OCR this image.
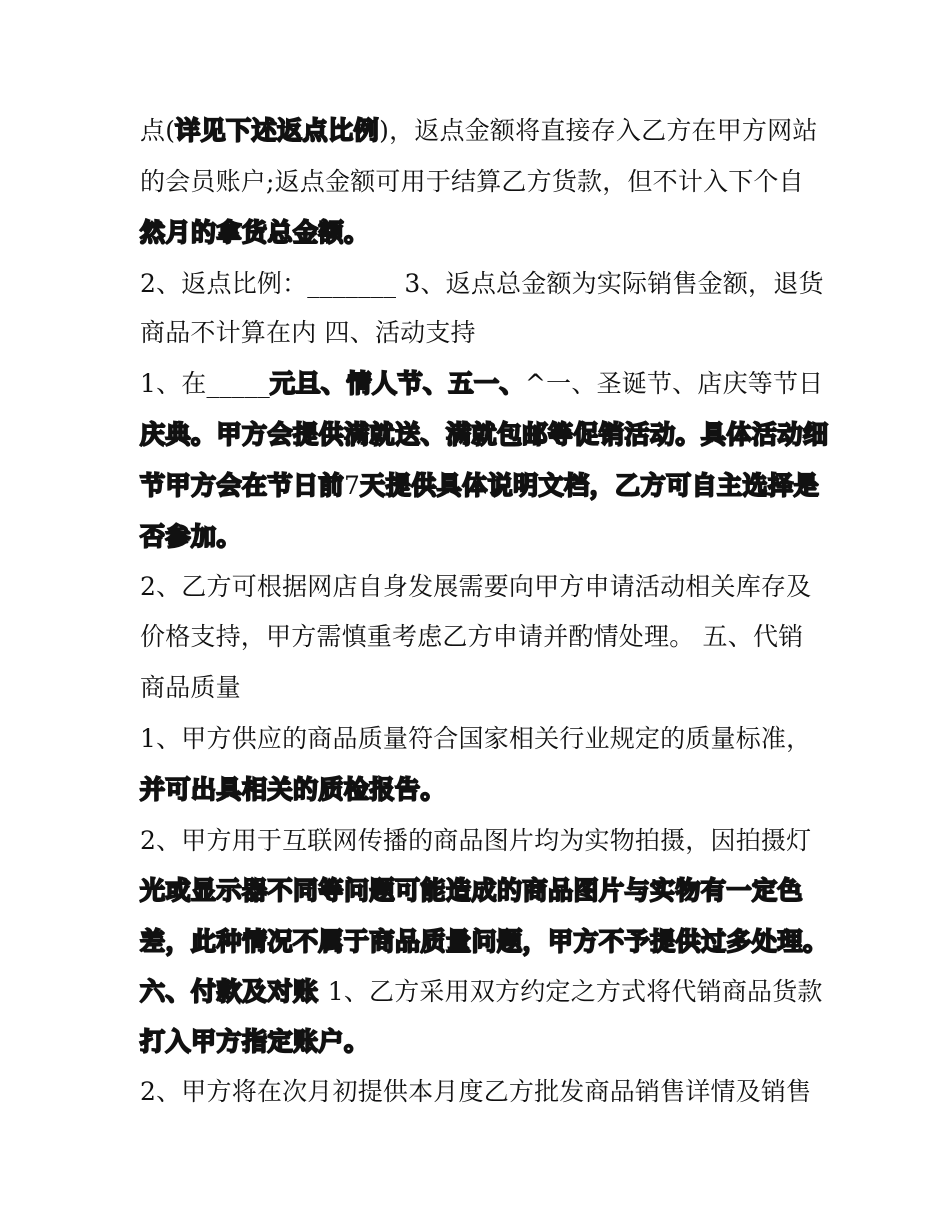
点(详见下述返点比例)，返点金额将直接存入乙方在甲方网站
的会员账户;返点金额可用于结算乙方货款，但不计入下个自
然月的拿货总金额。
2、返点比例：_______ 3、返点总金额为实际销售金额，退货
商品不计算在内 四、活动支持
1、在_____元旦、情人节、五一、^一、圣诞节、店庆等节日
庆典。甲方会提供满就送、满就包邮等促销活动。具体活动细
节甲方会在节日前7天提供具体说明文档，乙方可自主选择是
否参加。
2、乙方可根据网店自身发展需要向甲方申请活动相关库存及
价格支持，甲方需慎重考虑乙方申请并酌情处理。 五、代销
商品质量
1、甲方供应的商品质量符合国家相关行业规定的质量标准，
并可出具相关的质检报告。
2、甲方用于互联网传播的商品图片均为实物拍摄，因拍摄灯
光或显示器不同等问题可能造成的商品图片与实物有一定色
差，此种情况不属于商品质量问题，甲方不予提供过多处理。
六、付款及对账 1、乙方采用双方约定之方式将代销商品货款
打入甲方指定账户。
2、甲方将在次月初提供本月度乙方批发商品销售详情及销售
